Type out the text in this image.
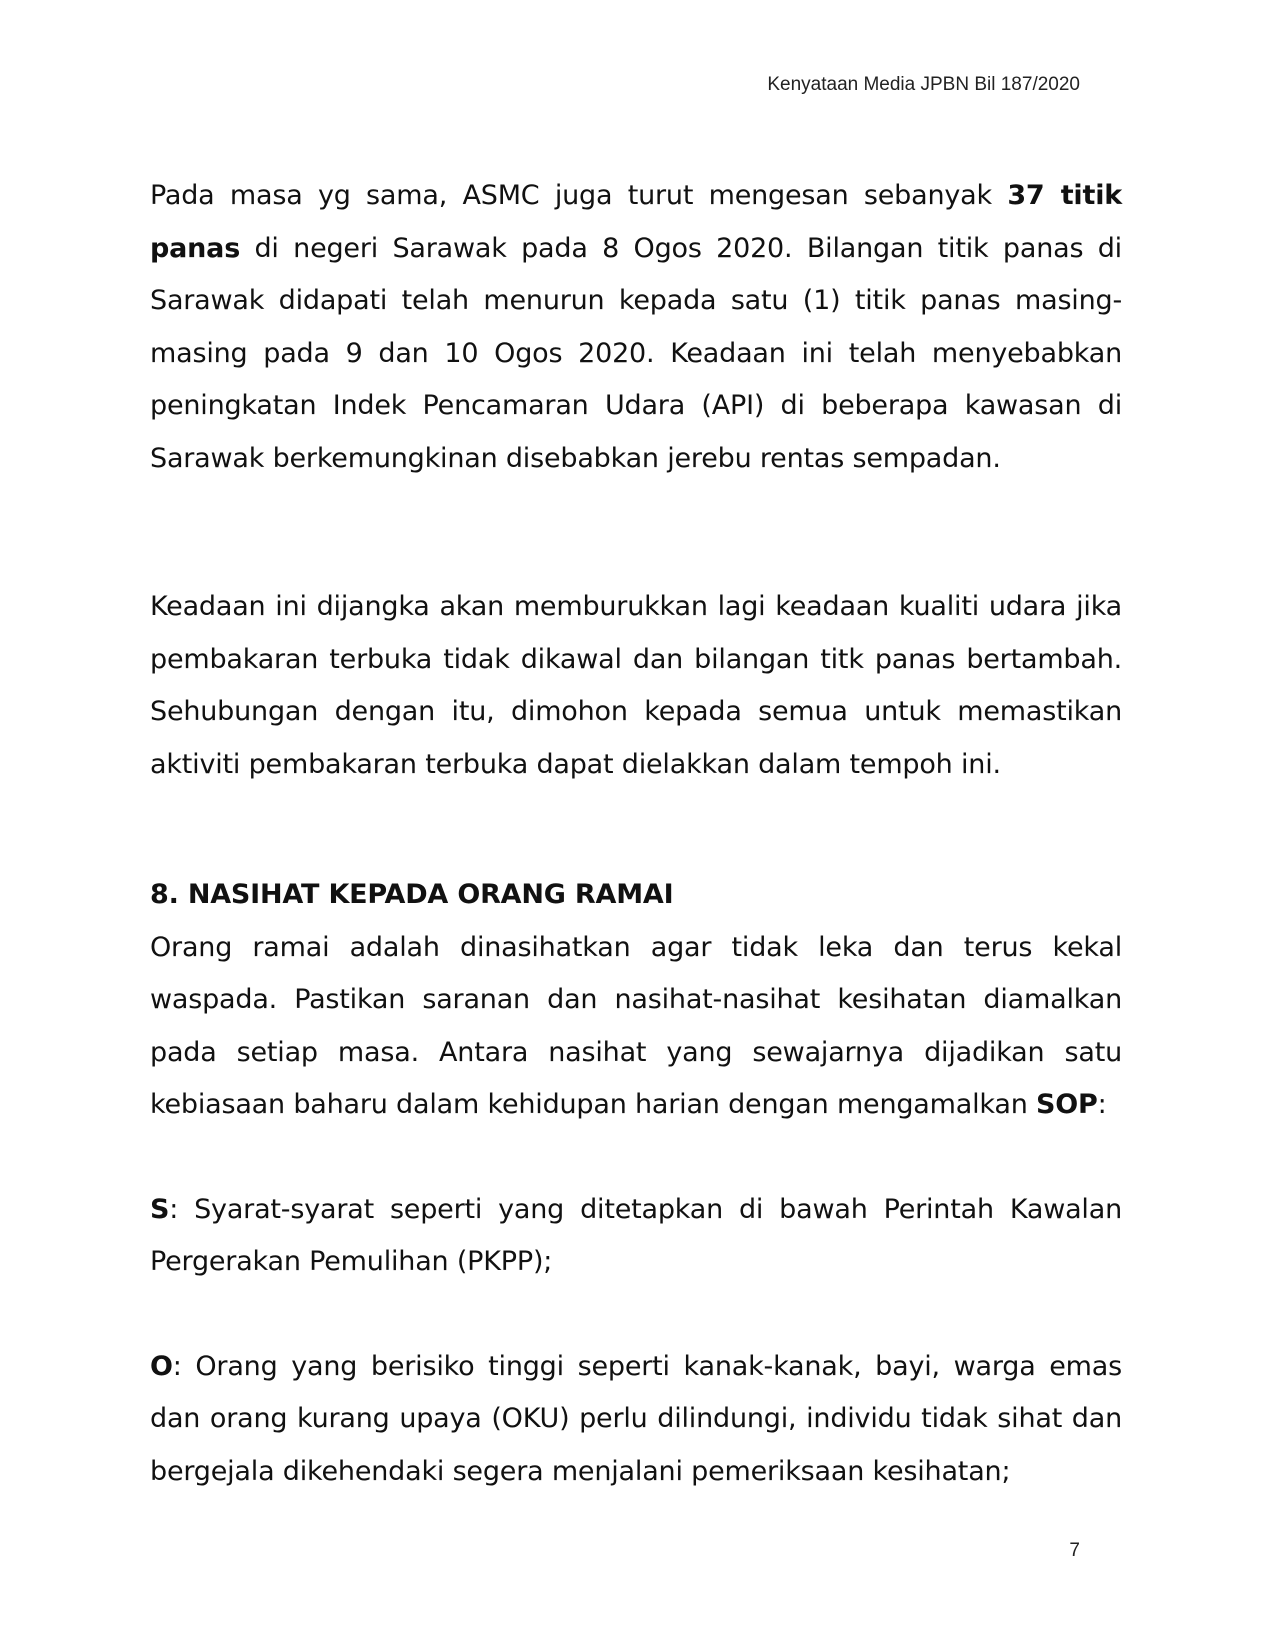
Kenyataan Media JPBN Bil 187/2020

Pada masa yg sama, ASMC juga turut mengesan sebanyak 37 titik panas di negeri Sarawak pada 8 Ogos 2020. Bilangan titik panas di Sarawak didapati telah menurun kepada satu (1) titik panas masing-masing pada 9 dan 10 Ogos 2020. Keadaan ini telah menyebabkan peningkatan Indek Pencamaran Udara (API) di beberapa kawasan di Sarawak berkemungkinan disebabkan jerebu rentas sempadan.

Keadaan ini dijangka akan memburukkan lagi keadaan kualiti udara jika pembakaran terbuka tidak dikawal dan bilangan titk panas bertambah. Sehubungan dengan itu, dimohon kepada semua untuk memastikan aktiviti pembakaran terbuka dapat dielakkan dalam tempoh ini.

8. NASIHAT KEPADA ORANG RAMAI

Orang ramai adalah dinasihatkan agar tidak leka dan terus kekal waspada. Pastikan saranan dan nasihat-nasihat kesihatan diamalkan pada setiap masa. Antara nasihat yang sewajarnya dijadikan satu kebiasaan baharu dalam kehidupan harian dengan mengamalkan SOP:

S: Syarat-syarat seperti yang ditetapkan di bawah Perintah Kawalan Pergerakan Pemulihan (PKPP);

O: Orang yang berisiko tinggi seperti kanak-kanak, bayi, warga emas dan orang kurang upaya (OKU) perlu dilindungi, individu tidak sihat dan bergejala dikehendaki segera menjalani pemeriksaan kesihatan;

7
